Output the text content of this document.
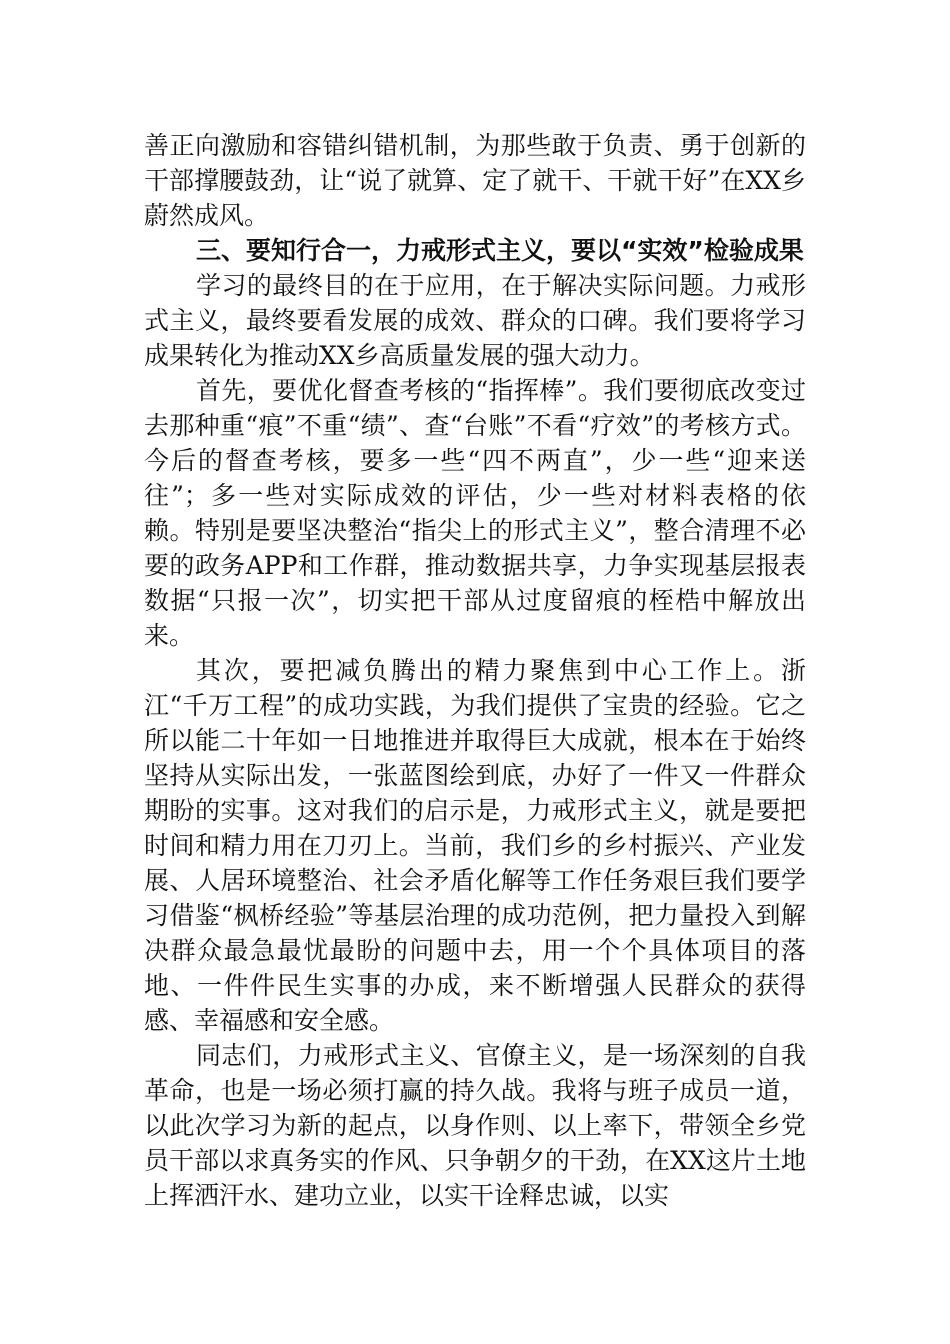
善正向激励和容错纠错机制，为那些敢于负责、勇于创新的干部撑腰鼓劲，让“说了就算、定了就干、干就干好”在XX乡蔚然成风。

三、要知行合一，力戒形式主义，要以“实效”检验成果

学习的最终目的在于应用，在于解决实际问题。力戒形式主义，最终要看发展的成效、群众的口碑。我们要将学习成果转化为推动XX乡高质量发展的强大动力。

首先，要优化督查考核的“指挥棒”。我们要彻底改变过去那种重“痕”不重“绩”、查“台账”不看“疗效”的考核方式。今后的督查考核，要多一些“四不两直”，少一些“迎来送往”；多一些对实际成效的评估，少一些对材料表格的依赖。特别是要坚决整治“指尖上的形式主义”，整合清理不必要的政务APP和工作群，推动数据共享，力争实现基层报表数据“只报一次”，切实把干部从过度留痕的桎梏中解放出来。

其次，要把减负腾出的精力聚焦到中心工作上。浙江“千万工程”的成功实践，为我们提供了宝贵的经验。它之所以能二十年如一日地推进并取得巨大成就，根本在于始终坚持从实际出发，一张蓝图绘到底，办好了一件又一件群众期盼的实事。这对我们的启示是，力戒形式主义，就是要把时间和精力用在刀刃上。当前，我们乡的乡村振兴、产业发展、人居环境整治、社会矛盾化解等工作任务艰巨我们要学习借鉴“枫桥经验”等基层治理的成功范例，把力量投入到解决群众最急最忧最盼的问题中去，用一个个具体项目的落地、一件件民生实事的办成，来不断增强人民群众的获得感、幸福感和安全感。

同志们，力戒形式主义、官僚主义，是一场深刻的自我革命，也是一场必须打赢的持久战。我将与班子成员一道，以此次学习为新的起点，以身作则、以上率下，带领全乡党员干部以求真务实的作风、只争朝夕的干劲，在XX这片土地上挥洒汗水、建功立业，以实干诠释忠诚，以实
